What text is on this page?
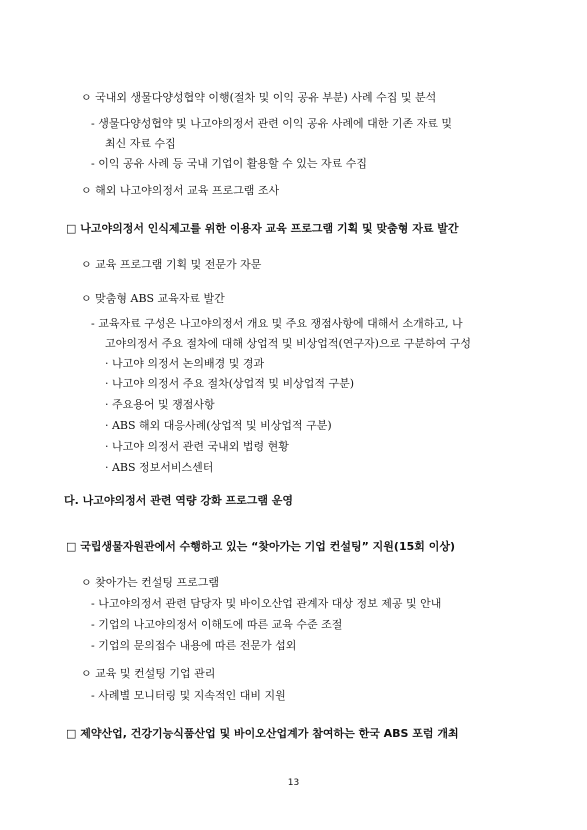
ㅇ 국내외 생물다양성협약 이행(절차 및 이익 공유 부분) 사례 수집 및 분석
- 생물다양성협약 및 나고야의정서 관련 이익 공유 사례에 대한 기존 자료 및
최신 자료 수집
- 이익 공유 사례 등 국내 기업이 활용할 수 있는 자료 수집
ㅇ 해외 나고야의정서 교육 프로그램 조사
□ 나고야의정서 인식제고를 위한 이용자 교육 프로그램 기획 및 맞춤형 자료 발간
ㅇ 교육 프로그램 기획 및 전문가 자문
ㅇ 맞춤형 ABS 교육자료 발간
- 교육자료 구성은 나고야의정서 개요 및 주요 쟁점사항에 대해서 소개하고, 나
고야의정서 주요 절차에 대해 상업적 및 비상업적(연구자)으로 구분하여 구성
· 나고야 의정서 논의배경 및 경과
· 나고야 의정서 주요 절차(상업적 및 비상업적 구분)
· 주요용어 및 쟁점사항
· ABS 해외 대응사례(상업적 및 비상업적 구분)
· 나고야 의정서 관련 국내외 법령 현황
· ABS 정보서비스센터
다. 나고야의정서 관련 역량 강화 프로그램 운영
□ 국립생물자원관에서 수행하고 있는 “찾아가는 기업 컨설팅” 지원(15회 이상)
ㅇ 찾아가는 컨설팅 프로그램
- 나고야의정서 관련 담당자 및 바이오산업 관계자 대상 정보 제공 및 안내
- 기업의 나고야의정서 이해도에 따른 교육 수준 조절
- 기업의 문의접수 내용에 따른 전문가 섭외
ㅇ 교육 및 컨설팅 기업 관리
- 사례별 모니터링 및 지속적인 대비 지원
□ 제약산업, 건강기능식품산업 및 바이오산업계가 참여하는 한국 ABS 포럼 개최
13
